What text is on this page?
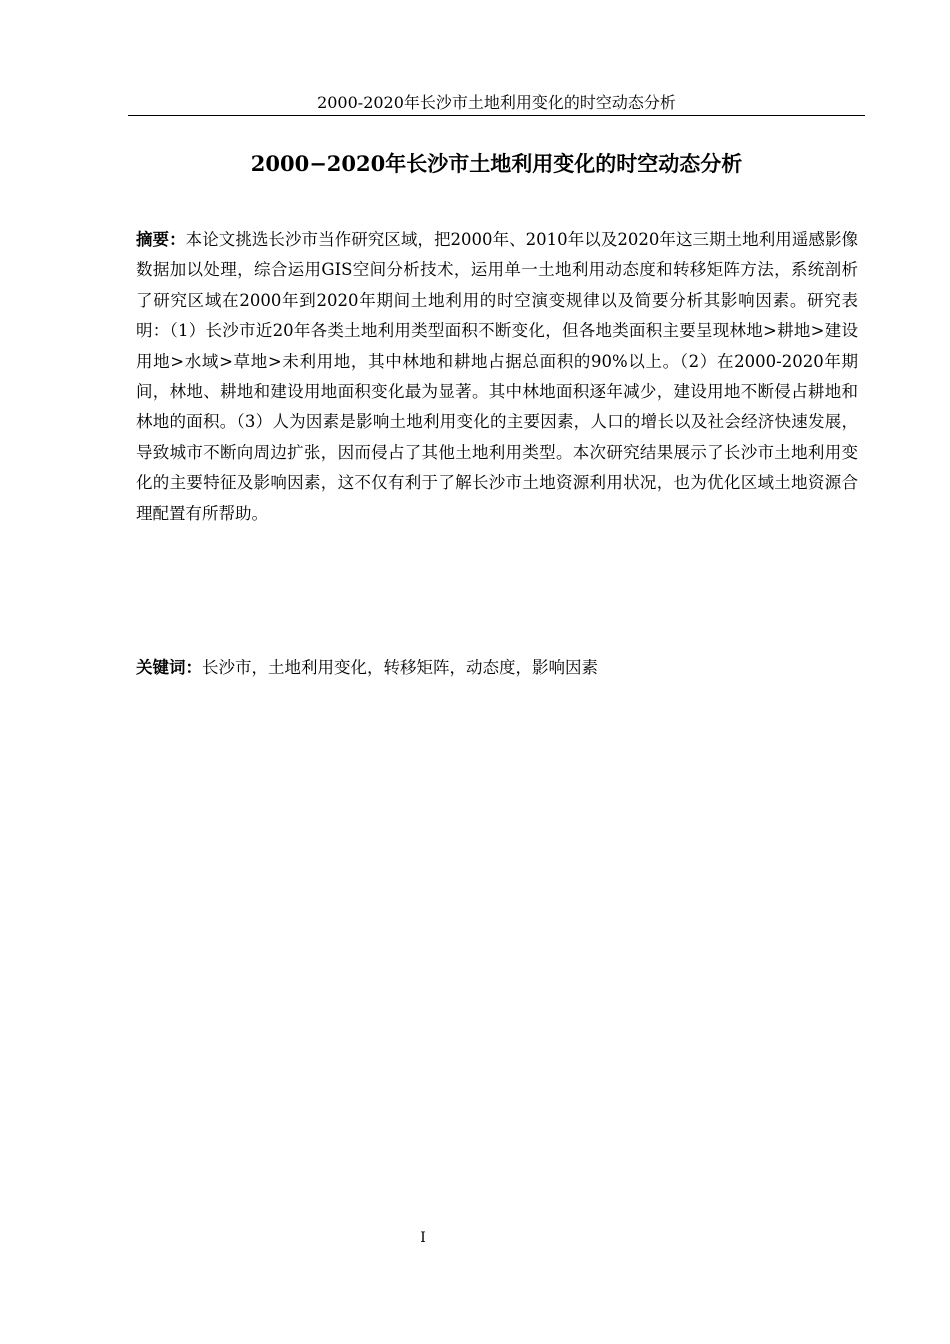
2000-2020年长沙市土地利用变化的时空动态分析
2000−2020年长沙市土地利用变化的时空动态分析

摘要：本论文挑选长沙市当作研究区域，把2000年、2010年以及2020年这三期土地利用遥感影像数据加以处理，综合运用GIS空间分析技术，运用单一土地利用动态度和转移矩阵方法，系统剖析了研究区域在2000年到2020年期间土地利用的时空演变规律以及简要分析其影响因素。研究表明：（1）长沙市近20年各类土地利用类型面积不断变化，但各地类面积主要呈现林地>耕地>建设用地>水域>草地>未利用地，其中林地和耕地占据总面积的90%以上。（2）在2000-2020年期间，林地、耕地和建设用地面积变化最为显著。其中林地面积逐年减少，建设用地不断侵占耕地和林地的面积。（3）人为因素是影响土地利用变化的主要因素，人口的增长以及社会经济快速发展，导致城市不断向周边扩张，因而侵占了其他土地利用类型。本次研究结果展示了长沙市土地利用变化的主要特征及影响因素，这不仅有利于了解长沙市土地资源利用状况，也为优化区域土地资源合理配置有所帮助。

关键词：长沙市，土地利用变化，转移矩阵，动态度，影响因素

I
